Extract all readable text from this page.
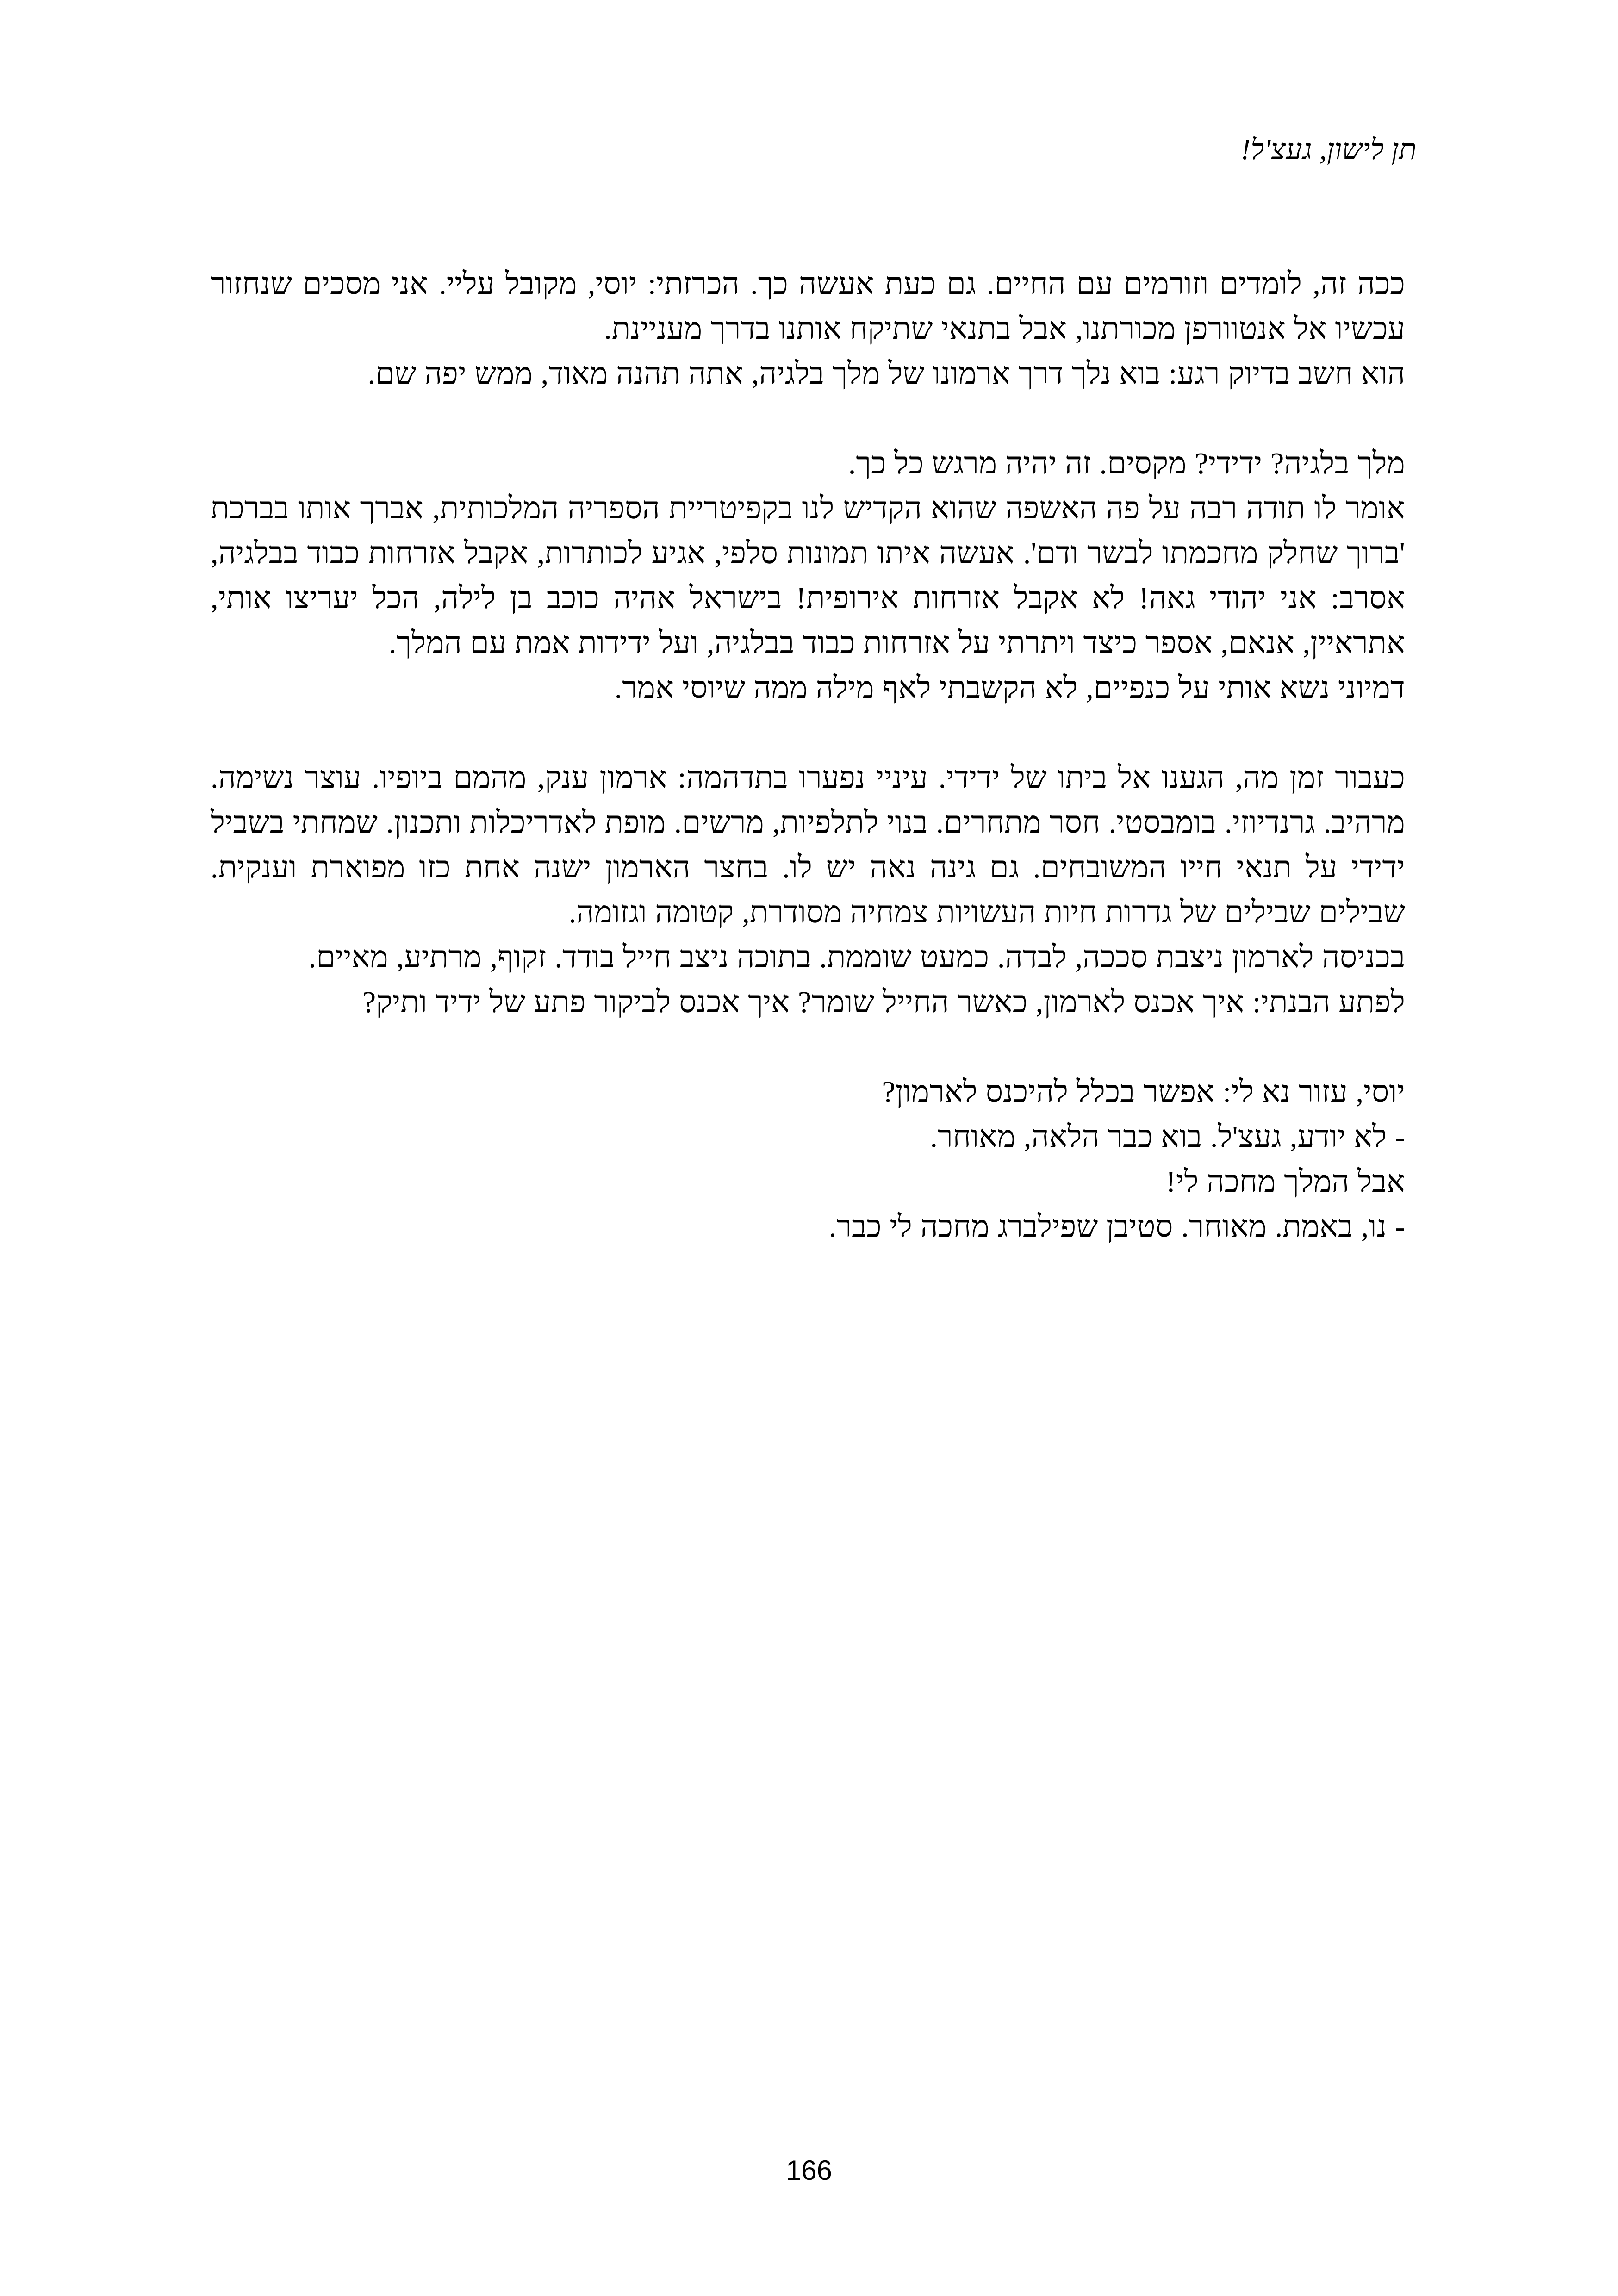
תן לישון, געצ'ל!

ככה זה, לומדים וזורמים עם החיים. גם כעת אעשה כך. הכרזתי: יוסי, מקובל עליי. אני מסכים שנחזור עכשיו אל אנטוורפן מכורתנו, אבל בתנאי שתיקח אותנו בדרך מעניינת.

הוא חשב בדיוק רגע: בוא נלך דרך ארמונו של מלך בלגיה, אתה תהנה מאוד, ממש יפה שם.

מלך בלגיה? ידידי? מקסים. זה יהיה מרגש כל כך.

אומר לו תודה רבה על פה האשפה שהוא הקדיש לנו בקפיטריית הספריה המלכותית, אברך אותו בברכת 'ברוך שחלק מחכמתו לבשר ודם'. אעשה איתו תמונות סלפי, אגיע לכותרות, אקבל אזרחות כבוד בבלגיה, אסרב: אני יהודי גאה! לא אקבל אזרחות אירופית! בישראל אהיה כוכב בן לילה, הכל יעריצו אותי, אתראיין, אנאם, אספר כיצד ויתרתי על אזרחות כבוד בבלגיה, ועל ידידות אמת עם המלך.

דמיוני נשא אותי על כנפיים, לא הקשבתי לאף מילה ממה שיוסי אמר.

כעבור זמן מה, הגענו אל ביתו של ידידי. עיניי נפערו בתדהמה: ארמון ענק, מהמם ביופיו. עוצר נשימה. מרהיב. גרנדיוזי. בומבסטי. חסר מתחרים. בנוי לתלפיות, מרשים. מופת לאדריכלות ותכנון. שמחתי בשביל ידידי על תנאי חייו המשובחים. גם גינה נאה יש לו. בחצר הארמון ישנה אחת כזו מפוארת וענקית. שבילים שבילים של גדרות חיות העשויות צמחיה מסודרת, קטומה וגזומה.

בכניסה לארמון ניצבת סככה, לבדה. כמעט שוממת. בתוכה ניצב חייל בודד. זקוף, מרתיע, מאיים.

לפתע הבנתי: איך אכנס לארמון, כאשר החייל שומר? איך אכנס לביקור פתע של ידיד ותיק?

יוסי, עזור נא לי: אפשר בכלל להיכנס לארמון?

- לא יודע, געצ'ל. בוא כבר הלאה, מאוחר.

אבל המלך מחכה לי!

- נו, באמת. מאוחר. סטיבן שפילברג מחכה לי כבר.

166
